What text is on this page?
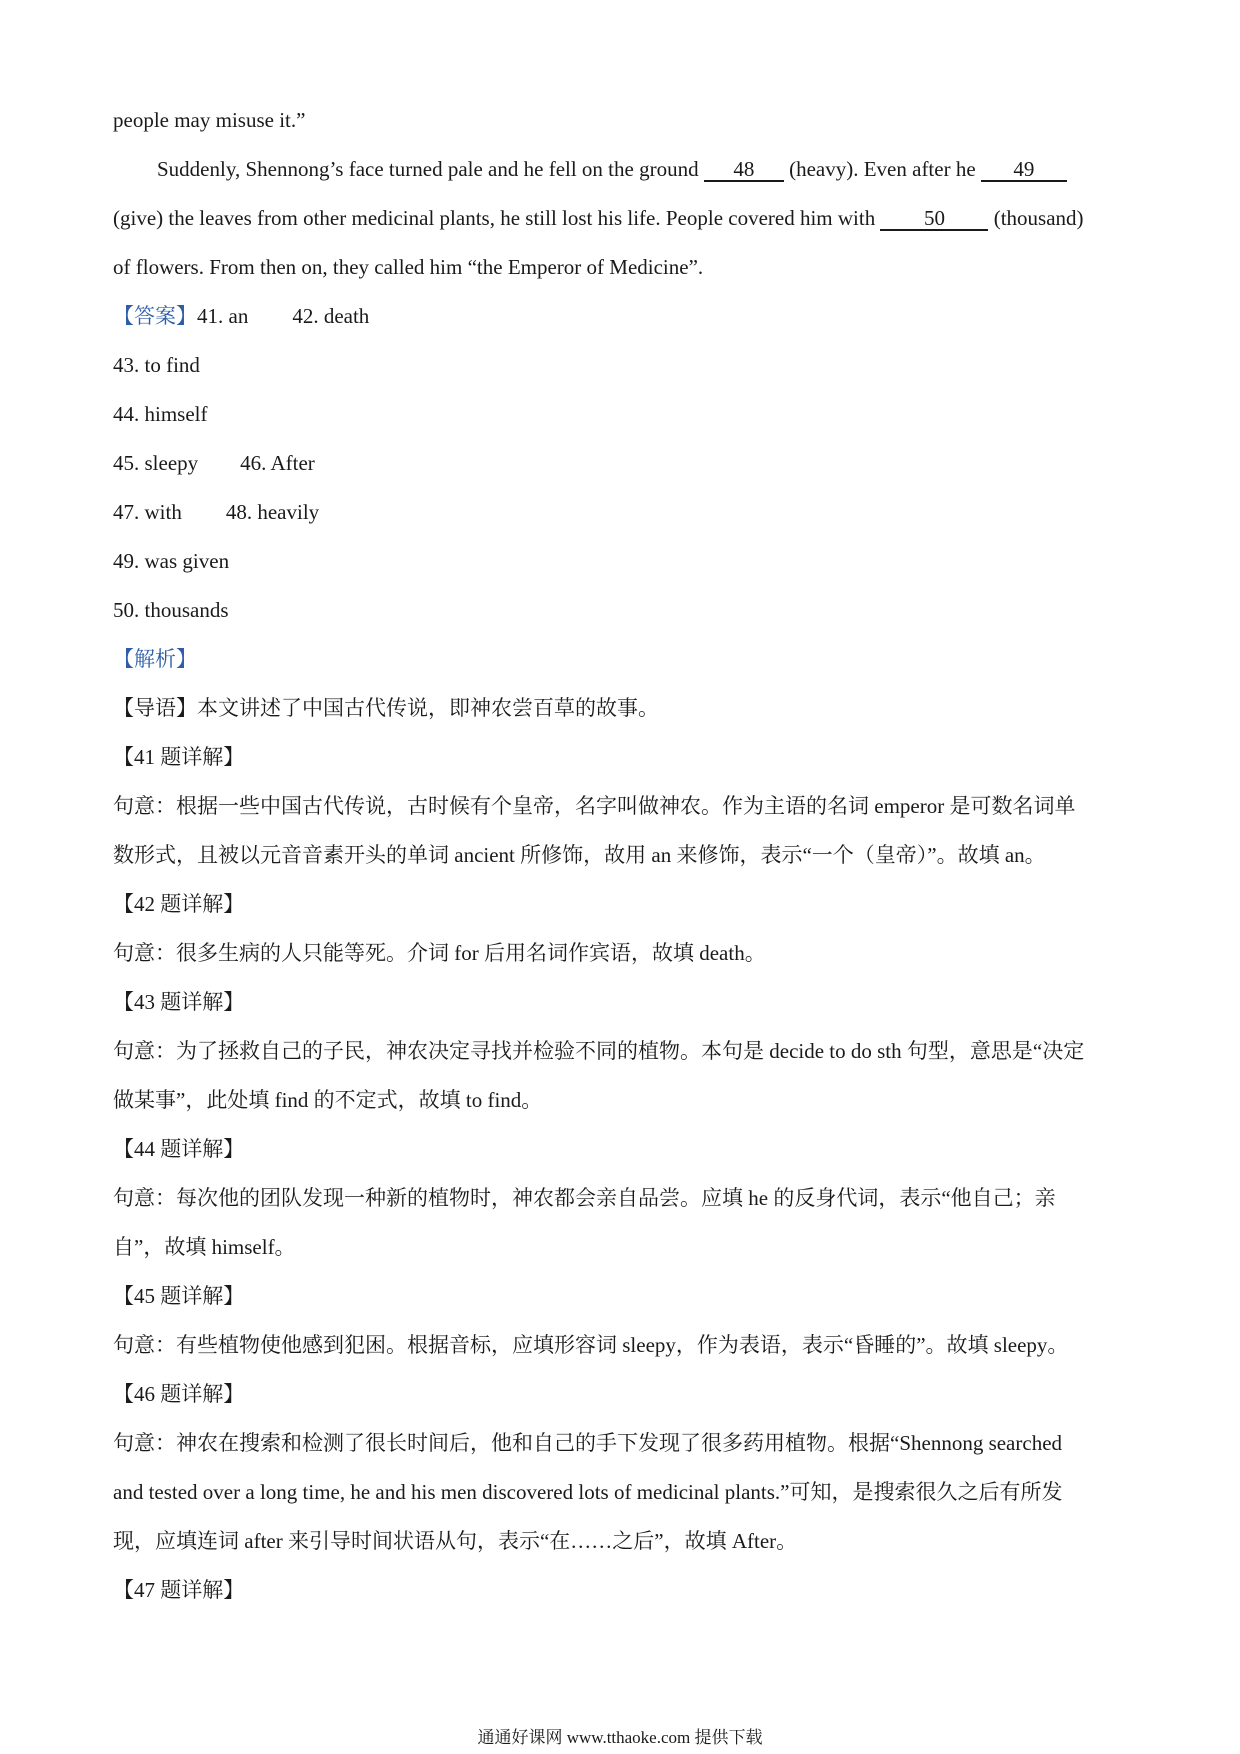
people may misuse it.”
Suddenly, Shennong’s face turned pale and he fell on the ground 48 (heavy). Even after he 49
(give) the leaves from other medicinal plants, he still lost his life. People covered him with 50 (thousand)
of flowers. From then on, they called him “the Emperor of Medicine”.
【答案】41. an 42. death
43. to find
44. himself
45. sleepy 46. After
47. with 48. heavily
49. was given
50. thousands
【解析】
【导语】本文讲述了中国古代传说，即神农尝百草的故事。
【41 题详解】
句意：根据一些中国古代传说，古时候有个皇帝，名字叫做神农。作为主语的名词 emperor 是可数名词单
数形式，且被以元音音素开头的单词 ancient 所修饰，故用 an 来修饰，表示“一个（皇帝）”。故填 an。
【42 题详解】
句意：很多生病的人只能等死。介词 for 后用名词作宾语，故填 death。
【43 题详解】
句意：为了拯救自己的子民，神农决定寻找并检验不同的植物。本句是 decide to do sth 句型，意思是“决定
做某事”，此处填 find 的不定式，故填 to find。
【44 题详解】
句意：每次他的团队发现一种新的植物时，神农都会亲自品尝。应填 he 的反身代词，表示“他自己；亲
自”，故填 himself。
【45 题详解】
句意：有些植物使他感到犯困。根据音标，应填形容词 sleepy，作为表语，表示“昏睡的”。故填 sleepy。
【46 题详解】
句意：神农在搜索和检测了很长时间后，他和自己的手下发现了很多药用植物。根据“Shennong searched
and tested over a long time, he and his men discovered lots of medicinal plants.”可知，是搜索很久之后有所发
现，应填连词 after 来引导时间状语从句，表示“在……之后”，故填 After。
【47 题详解】
通通好课网 www.tthaoke.com 提供下载
